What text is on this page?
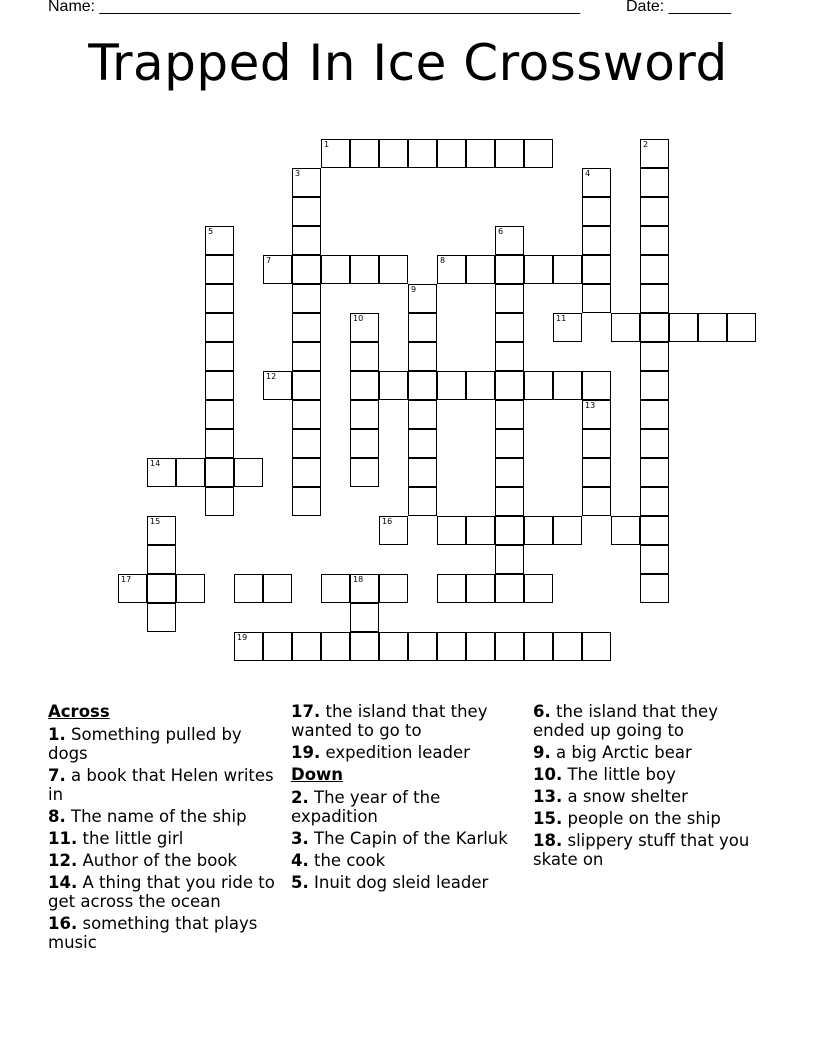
Name: ______________________________________________________	Date: _______
Trapped In Ice Crossword
1	2
3	4
5	6
7	8
9
10	11
12
13
14
15	16
17	18
19
Across
1. Something pulled by dogs
7. a book that Helen writes in
8. The name of the ship
11. the little girl
12. Author of the book
14. A thing that you ride to get across the ocean
16. something that plays music
17. the island that they wanted to go to
19. expedition leader
Down
2. The year of the expadition
3. The Capin of the Karluk
4. the cook
5. Inuit dog sleid leader
6. the island that they ended up going to
9. a big Arctic bear
10. The little boy
13. a snow shelter
15. people on the ship
18. slippery stuff that you skate on
